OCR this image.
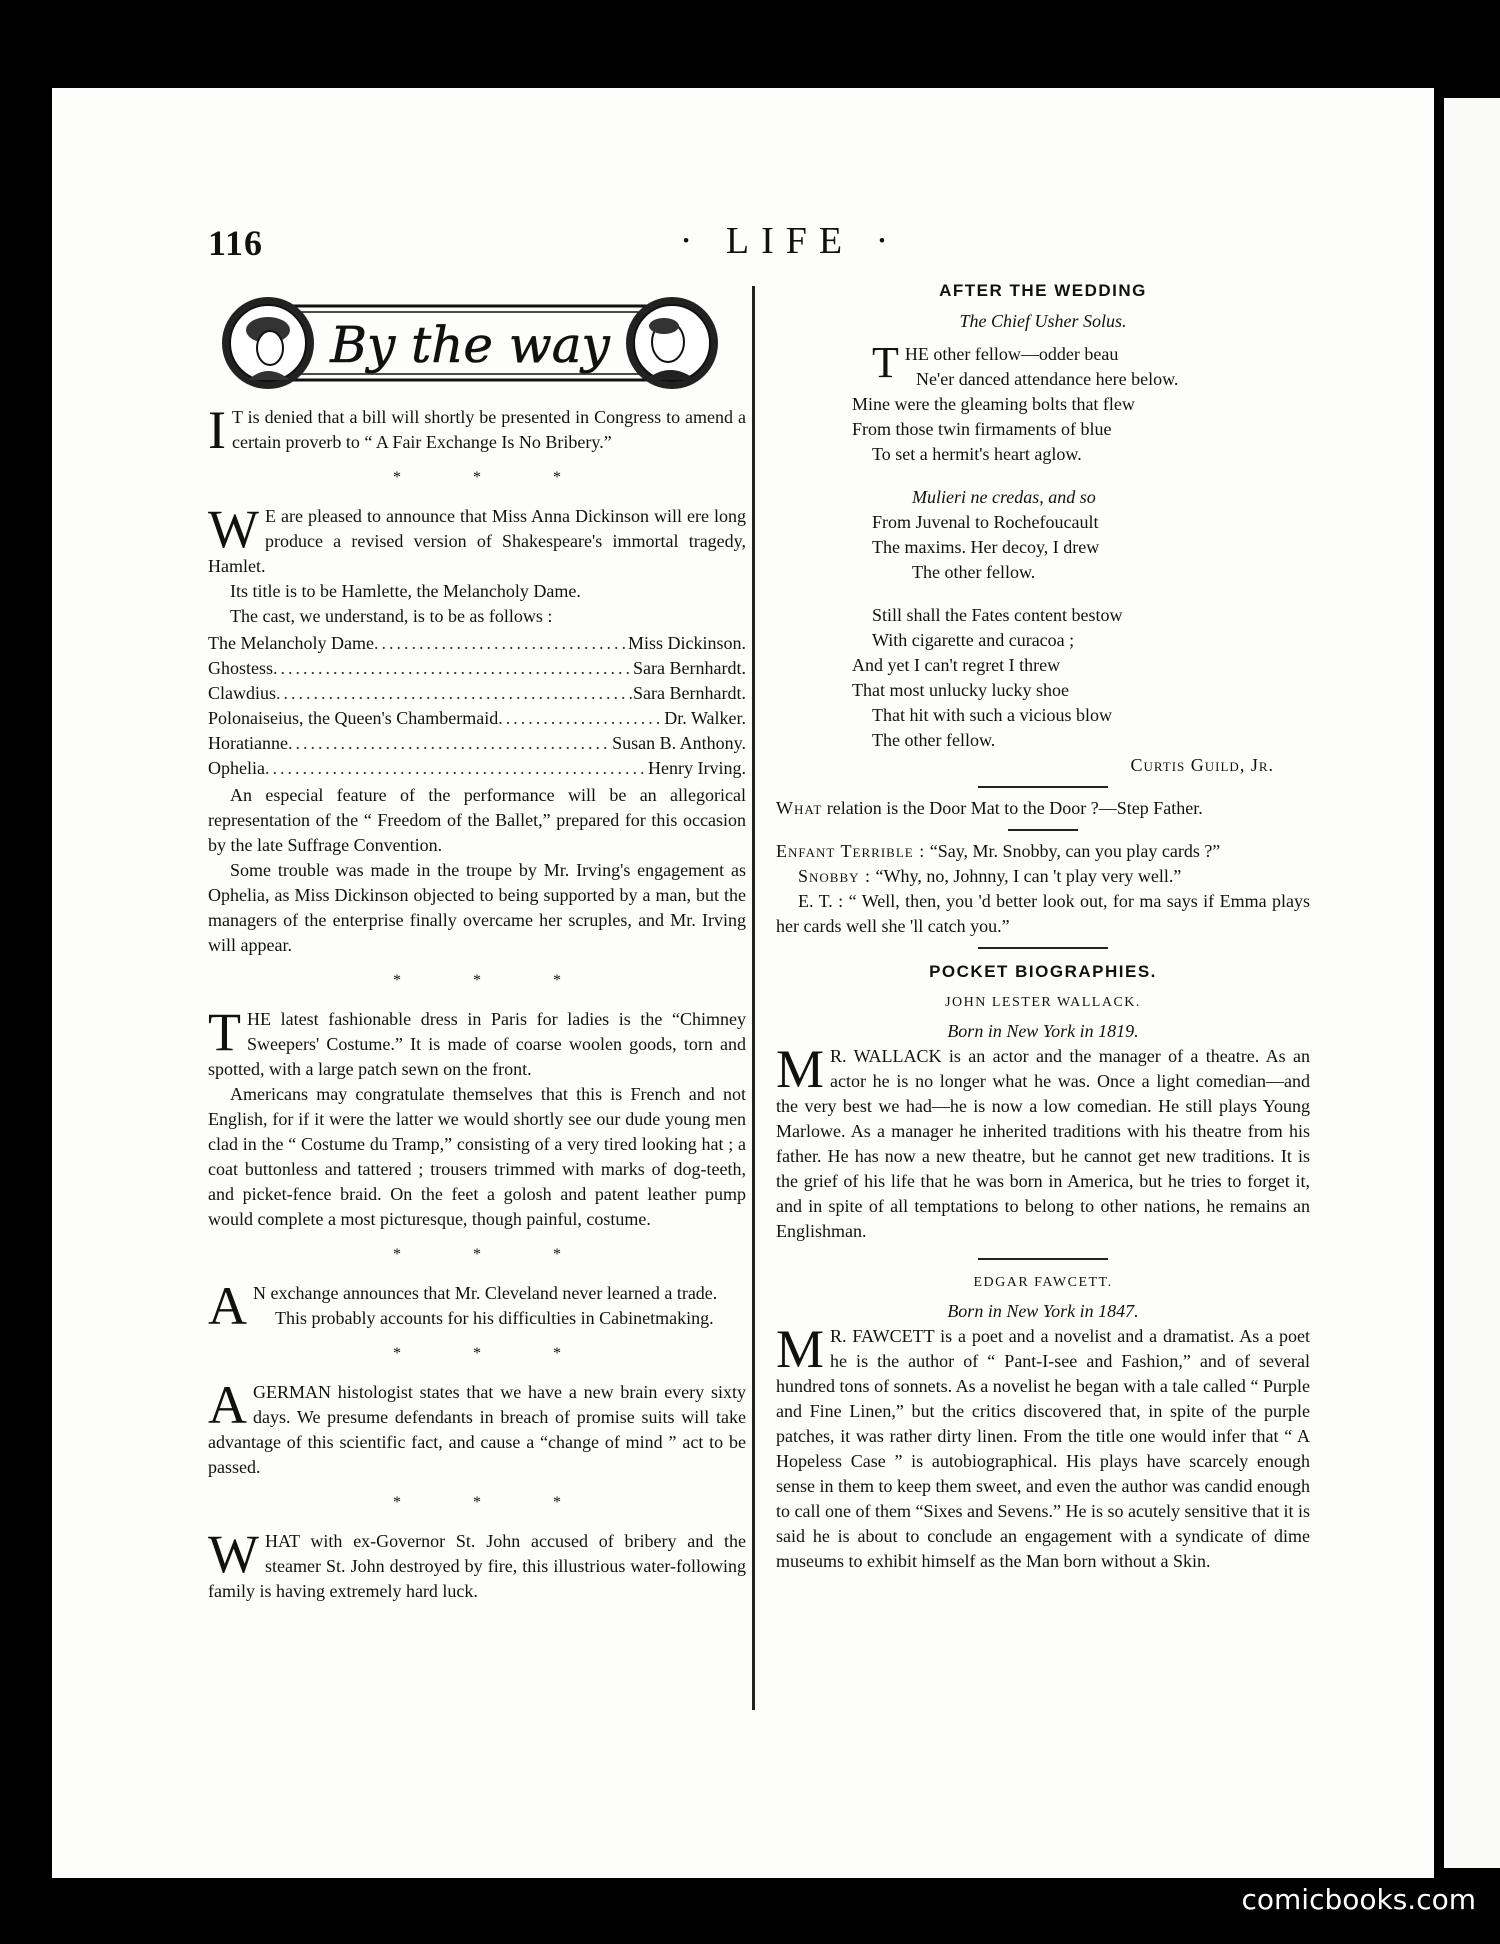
116	· LIFE ·
By the way

I T is denied that a bill will shortly be presented in Congress to amend a certain proverb to “ A Fair Exchange Is No Bribery.”

* * *

W E are pleased to announce that Miss Anna Dickinson will ere long produce a revised version of Shakespeare's immortal tragedy, Hamlet.

Its title is to be Hamlette, the Melancholy Dame.

The cast, we understand, is to be as follows :

The Melancholy Dame .....	Miss Dickinson.
Ghostess .....	Sara Bernhardt.
Clawdius .....	Sara Bernhardt.
Polonaiseius, the Queen's Chambermaid .....	Dr. Walker.
Horatianne .....	Susan B. Anthony.
Ophelia .....	Henry Irving.

An especial feature of the performance will be an allegorical representation of the “ Freedom of the Ballet,” prepared for this occasion by the late Suffrage Convention.

Some trouble was made in the troupe by Mr. Irving's engagement as Ophelia, as Miss Dickinson objected to being supported by a man, but the managers of the enterprise finally overcame her scruples, and Mr. Irving will appear.

* * *

THE latest fashionable dress in Paris for ladies is the “Chimney Sweepers' Costume.” It is made of coarse woolen goods, torn and spotted, with a large patch sewn on the front.

Americans may congratulate themselves that this is French and not English, for if it were the latter we would shortly see our dude young men clad in the “ Costume du Tramp,” consisting of a very tired looking hat ; a coat buttonless and tattered ; trousers trimmed with marks of dog-teeth, and picket-fence braid. On the feet a golosh and patent leather pump would complete a most picturesque, though painful, costume.

* * *

A N exchange announces that Mr. Cleveland never learned a trade.

This probably accounts for his difficulties in Cabinetmaking.

* * *

AGERMAN histologist states that we have a new brain every sixty days. We presume defendants in breach of promise suits will take advantage of this scientific fact, and cause a “change of mind ” act to be passed.

* * *

WHAT with ex-Governor St. John accused of bribery and the steamer St. John destroyed by fire, this illustrious water-following family is having extremely hard luck.

AFTER THE WEDDING
The Chief Usher Solus.
THE other fellow—odder beau
Ne'er danced attendance here below.
Mine were the gleaming bolts that flew
From those twin firmaments of blue
To set a hermit's heart aglow.
Mulieri ne credas, and so
From Juvenal to Rochefoucault
The maxims. Her decoy, I drew
The other fellow.
Still shall the Fates content bestow
With cigarette and curacoa ;
And yet I can't regret I threw
That most unlucky lucky shoe
That hit with such a vicious blow
The other fellow.
Curtis Guild, Jr.

What relation is the Door Mat to the Door ?—Step Father.

Enfant Terrible : “Say, Mr. Snobby, can you play cards ?”

Snobby : “Why, no, Johnny, I can 't play very well.”

E. T. : “ Well, then, you 'd better look out, for ma says if Emma plays her cards well she 'll catch you.”

POCKET BIOGRAPHIES.
JOHN LESTER WALLACK.
Born in New York in 1819.

M R. WALLACK is an actor and the manager of a theatre. As an actor he is no longer what he was. Once a light comedian—and the very best we had—he is now a low comedian. He still plays Young Marlowe. As a manager he inherited traditions with his theatre from his father. He has now a new theatre, but he cannot get new traditions. It is the grief of his life that he was born in America, but he tries to forget it, and in spite of all temptations to belong to other nations, he remains an Englishman.

EDGAR FAWCETT.
Born in New York in 1847.

M R. FAWCETT is a poet and a novelist and a dramatist. As a poet he is the author of “ Pant-I-see and Fashion,” and of several hundred tons of sonnets. As a novelist he began with a tale called “ Purple and Fine Linen,” but the critics discovered that, in spite of the purple patches, it was rather dirty linen. From the title one would infer that “ A Hopeless Case ” is autobiographical. His plays have scarcely enough sense in them to keep them sweet, and even the author was candid enough to call one of them “Sixes and Sevens.” He is so acutely sensitive that it is said he is about to conclude an engagement with a syndicate of dime museums to exhibit himself as the Man born without a Skin.

comicbooks.com
